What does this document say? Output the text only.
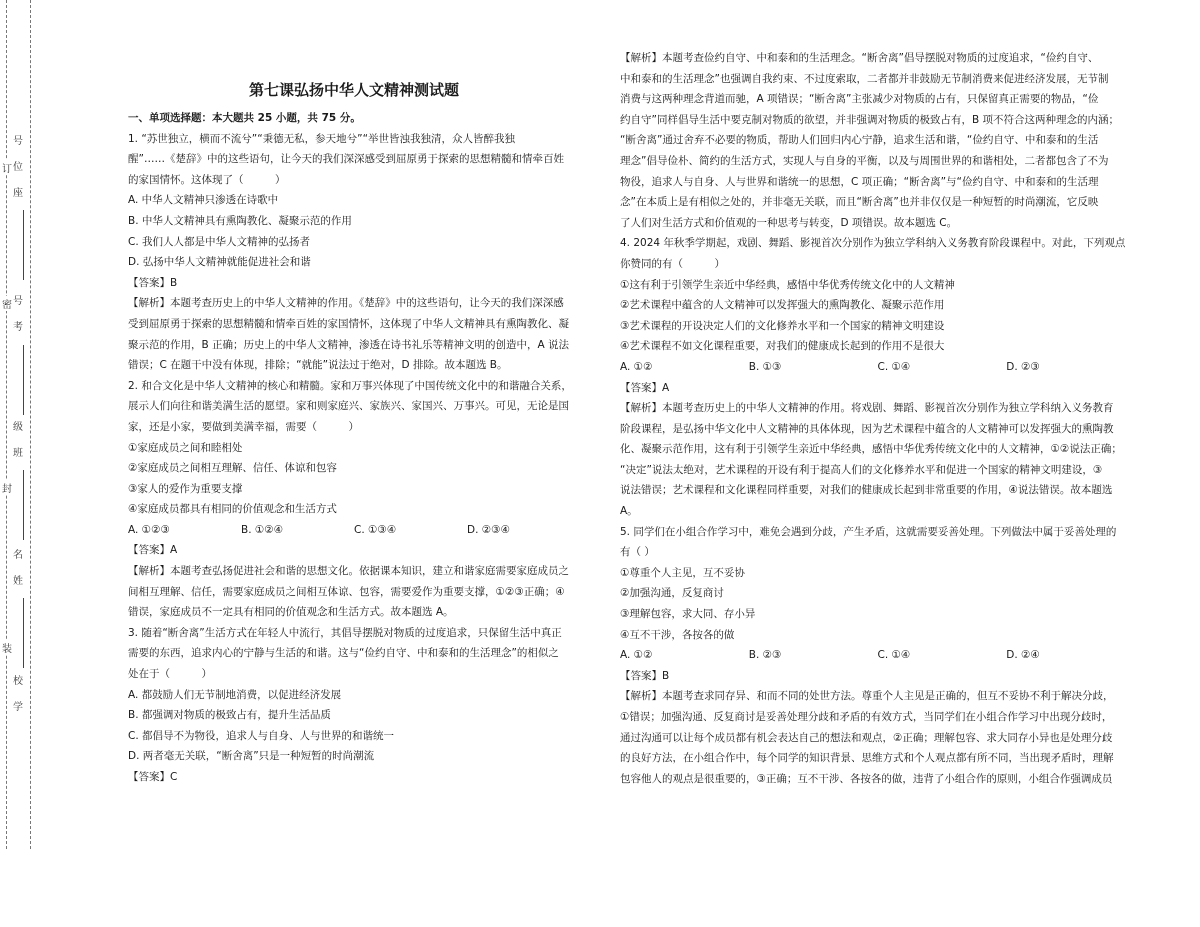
号
位
座
号
考
级
班
名
姓
校
学
密
封
装
订
第七课弘扬中华人文精神测试题

一、单项选择题：本大题共 25 小题，共 75 分。

1. “苏世独立，横而不流兮”“秉德无私，参天地兮”“举世皆浊我独清，众人皆醉我独

醒”……《楚辞》中的这些语句，让今天的我们深深感受到屈原勇于探索的思想精髓和情牵百姓

的家国情怀。这体现了（　　　）

A. 中华人文精神只渗透在诗歌中

B. 中华人文精神具有熏陶教化、凝聚示范的作用

C. 我们人人都是中华人文精神的弘扬者

D. 弘扬中华人文精神就能促进社会和谐

【答案】B

【解析】本题考查历史上的中华人文精神的作用。《楚辞》中的这些语句，让今天的我们深深感

受到屈原勇于探索的思想精髓和情牵百姓的家国情怀，这体现了中华人文精神具有熏陶教化、凝

聚示范的作用，B 正确；历史上的中华人文精神，渗透在诗书礼乐等精神文明的创造中，A 说法

错误；C 在题干中没有体现，排除；“就能”说法过于绝对，D 排除。故本题选 B。

2. 和合文化是中华人文精神的核心和精髓。家和万事兴体现了中国传统文化中的和谐融合关系，

展示人们向往和谐美满生活的愿望。家和则家庭兴、家族兴、家国兴、万事兴。可见，无论是国

家，还是小家，要做到美满幸福，需要（　　　）

①家庭成员之间和睦相处

②家庭成员之间相互理解、信任、体谅和包容

③家人的爱作为重要支撑

④家庭成员都具有相同的价值观念和生活方式

A. ①②③	B. ①②④	C. ①③④	D. ②③④

【答案】A

【解析】本题考查弘扬促进社会和谐的思想文化。依据课本知识，建立和谐家庭需要家庭成员之

间相互理解、信任，需要家庭成员之间相互体谅、包容，需要爱作为重要支撑，①②③正确；④

错误，家庭成员不一定具有相同的价值观念和生活方式。故本题选 A。

3. 随着“断舍离”生活方式在年轻人中流行，其倡导摆脱对物质的过度追求，只保留生活中真正

需要的东西，追求内心的宁静与生活的和谐。这与“俭约自守、中和泰和的生活理念”的相似之

处在于（　　　）

A. 都鼓励人们无节制地消费，以促进经济发展

B. 都强调对物质的极致占有，提升生活品质

C. 都倡导不为物役，追求人与自身、人与世界的和谐统一

D. 两者毫无关联，“断舍离”只是一种短暂的时尚潮流

【答案】C

【解析】本题考查俭约自守、中和泰和的生活理念。“断舍离”倡导摆脱对物质的过度追求，“俭约自守、

中和泰和的生活理念”也强调自我约束、不过度索取，二者都并非鼓励无节制消费来促进经济发展，无节制

消费与这两种理念背道而驰，A 项错误；“断舍离”主张减少对物质的占有，只保留真正需要的物品，“俭

约自守”同样倡导生活中要克制对物质的欲望，并非强调对物质的极致占有，B 项不符合这两种理念的内涵；

“断舍离”通过舍弃不必要的物质，帮助人们回归内心宁静，追求生活和谐，“俭约自守、中和泰和的生活

理念”倡导俭朴、简约的生活方式，实现人与自身的平衡，以及与周围世界的和谐相处，二者都包含了不为

物役，追求人与自身、人与世界和谐统一的思想，C 项正确；“断舍离”与“俭约自守、中和泰和的生活理

念”在本质上是有相似之处的，并非毫无关联，而且“断舍离”也并非仅仅是一种短暂的时尚潮流，它反映

了人们对生活方式和价值观的一种思考与转变，D 项错误。故本题选 C。

4. 2024 年秋季学期起，戏剧、舞蹈、影视首次分别作为独立学科纳入义务教育阶段课程中。对此，下列观点

你赞同的有（　　　）

①这有利于引领学生亲近中华经典，感悟中华优秀传统文化中的人文精神

②艺术课程中蕴含的人文精神可以发挥强大的熏陶教化、凝聚示范作用

③艺术课程的开设决定人们的文化修养水平和一个国家的精神文明建设

④艺术课程不如文化课程重要，对我们的健康成长起到的作用不是很大

A. ①②	B. ①③	C. ①④	D. ②③

【答案】A

【解析】本题考查历史上的中华人文精神的作用。将戏剧、舞蹈、影视首次分别作为独立学科纳入义务教育

阶段课程，是弘扬中华文化中人文精神的具体体现，因为艺术课程中蕴含的人文精神可以发挥强大的熏陶教

化、凝聚示范作用，这有利于引领学生亲近中华经典，感悟中华优秀传统文化中的人文精神，①②说法正确；

“决定”说法太绝对，艺术课程的开设有利于提高人们的文化修养水平和促进一个国家的精神文明建设，③

说法错误；艺术课程和文化课程同样重要，对我们的健康成长起到非常重要的作用，④说法错误。故本题选

A。

5. 同学们在小组合作学习中，难免会遇到分歧，产生矛盾，这就需要妥善处理。下列做法中属于妥善处理的

有（ ）

①尊重个人主见，互不妥协

②加强沟通，反复商讨

③理解包容，求大同、存小异

④互不干涉，各按各的做

A. ①②	B. ②③	C. ①④	D. ②④

【答案】B

【解析】本题考查求同存异、和而不同的处世方法。尊重个人主见是正确的，但互不妥协不利于解决分歧，

①错误；加强沟通、反复商讨是妥善处理分歧和矛盾的有效方式，当同学们在小组合作学习中出现分歧时，

通过沟通可以让每个成员都有机会表达自己的想法和观点，②正确；理解包容、求大同存小异也是处理分歧

的良好方法，在小组合作中，每个同学的知识背景、思维方式和个人观点都有所不同，当出现矛盾时，理解

包容他人的观点是很重要的，③正确；互不干涉、各按各的做，违背了小组合作的原则，小组合作强调成员
